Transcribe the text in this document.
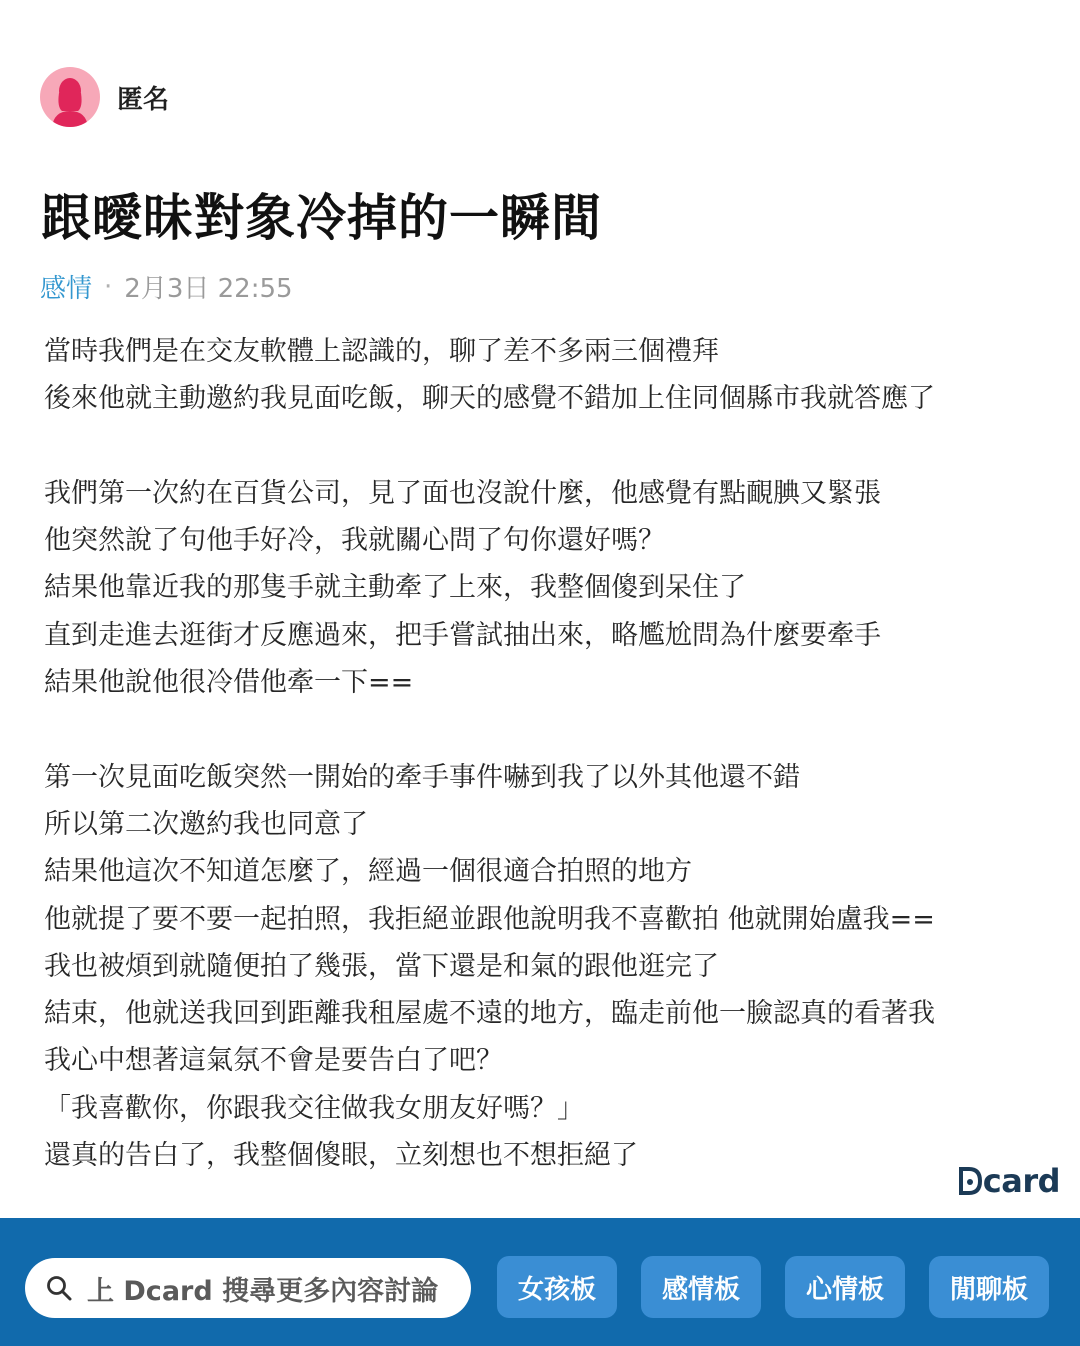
匿名
跟曖昧對象冷掉的一瞬間
感情 · 2月3日 22:55
當時我們是在交友軟體上認識的，聊了差不多兩三個禮拜
後來他就主動邀約我見面吃飯，聊天的感覺不錯加上住同個縣市我就答應了
我們第一次約在百貨公司，見了面也沒說什麼，他感覺有點靦腆又緊張
他突然說了句他手好冷，我就關心問了句你還好嗎？
結果他靠近我的那隻手就主動牽了上來，我整個傻到呆住了
直到走進去逛街才反應過來，把手嘗試抽出來，略尷尬問為什麼要牽手
結果他說他很冷借他牽一下==
第一次見面吃飯突然一開始的牽手事件嚇到我了以外其他還不錯
所以第二次邀約我也同意了
結果他這次不知道怎麼了，經過一個很適合拍照的地方
他就提了要不要一起拍照，我拒絕並跟他說明我不喜歡拍 他就開始盧我==
我也被煩到就隨便拍了幾張，當下還是和氣的跟他逛完了
結束，他就送我回到距離我租屋處不遠的地方，臨走前他一臉認真的看著我
我心中想著這氣氛不會是要告白了吧？
「我喜歡你，你跟我交往做我女朋友好嗎？」
還真的告白了，我整個傻眼，立刻想也不想拒絕了
card
上 Dcard 搜尋更多內容討論	女孩板	感情板	心情板	閒聊板
